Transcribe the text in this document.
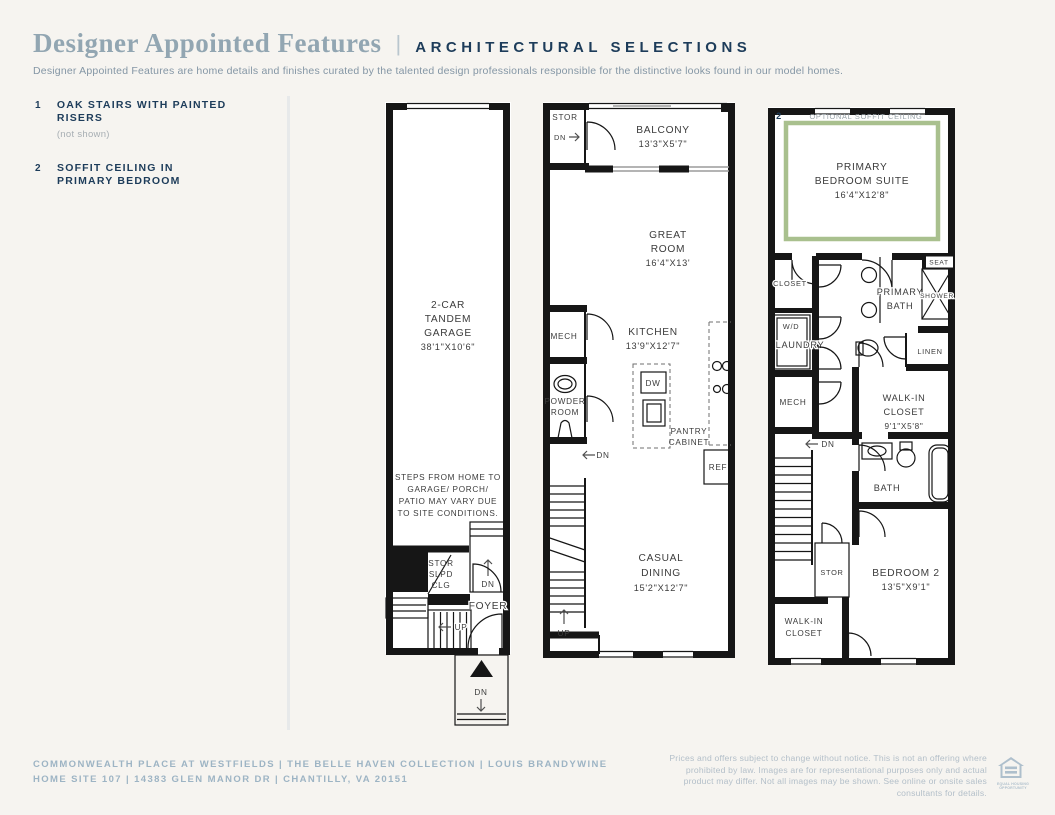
Designer Appointed Features | ARCHITECTURAL SELECTIONS
Designer Appointed Features are home details and finishes curated by the talented design professionals responsible for the distinctive looks found in our model homes.
1	OAK STAIRS WITH PAINTED RISERS
(not shown)
2	SOFFIT CEILING IN PRIMARY BEDROOM
2-CAR
TANDEM
GARAGE
38'1"X10'6"
STEPS FROM HOME TO
GARAGE/ PORCH/
PATIO MAY VARY DUE
TO SITE CONDITIONS.
DN
STOR
SLPD
CLG
FOYER
UP
DN
STOR
DN
BALCONY
13'3"X5'7"
GREAT
ROOM
16'4"X13'
MECH
POWDER
ROOM
KITCHEN
13'9"X12'7"
DW
PANTRY
CABINET
REF
DN
UP
CASUAL
DINING
15'2"X12'7"
2	OPTIONAL SOFFIT CEILING
PRIMARY
BEDROOM SUITE
16'4"X12'8"
CLOSET
PRIMARY
BATH
SEAT
SHOWER
W/D
LAUNDRY
LINEN
MECH	WALK-IN
CLOSET
9'1"X5'8"
DN
BATH
STOR	BEDROOM 2
13'5"X9'1"
WALK-IN
CLOSET
COMMONWEALTH PLACE AT WESTFIELDS | THE BELLE HAVEN COLLECTION | LOUIS BRANDYWINE
HOME SITE 107 | 14383 GLEN MANOR DR | CHANTILLY, VA 20151
Prices and offers subject to change without notice. This is not an offering where prohibited by law. Images are for representational purposes only and actual product may differ. Not all images may be shown. See online or onsite sales consultants for details.
EQUAL HOUSING
OPPORTUNITY
